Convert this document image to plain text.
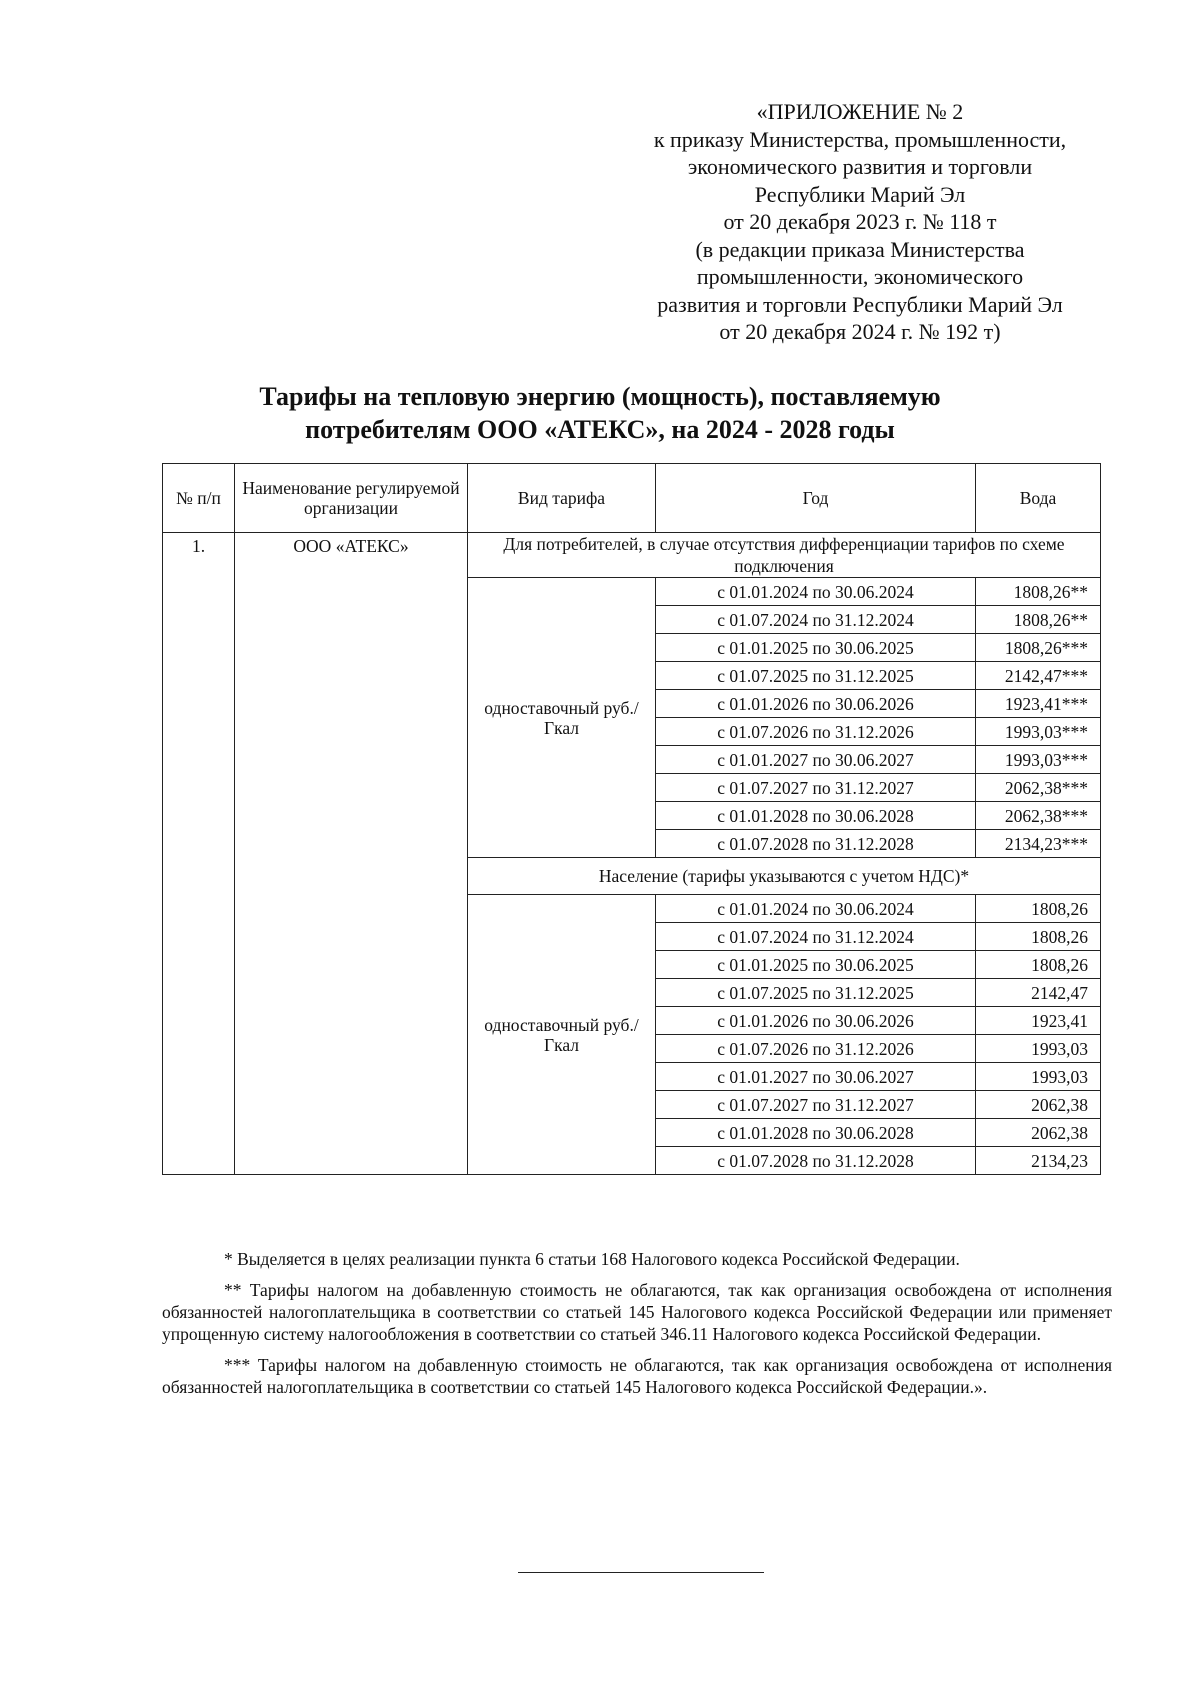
«ПРИЛОЖЕНИЕ № 2
к приказу Министерства, промышленности,
экономического развития и торговли
Республики Марий Эл
от 20 декабря 2023 г. № 118 т
(в редакции приказа Министерства
промышленности, экономического
развития и торговли Республики Марий Эл
от 20 декабря 2024 г. № 192 т)
Тарифы на тепловую энергию (мощность), поставляемую
потребителям ООО «АТЕКС», на 2024 - 2028 годы
№ п/п	Наименование регулируемой организации	Вид тарифа	Год	Вода
1.	ООО «АТЕКС»	Для потребителей, в случае отсутствия дифференциации тарифов по схеме подключения		
		одноставочный руб./Гкал	с 01.01.2024 по 30.06.2024	1808,26**
			с 01.07.2024 по 31.12.2024	1808,26**
			с 01.01.2025 по 30.06.2025	1808,26***
			с 01.07.2025 по 31.12.2025	2142,47***
			с 01.01.2026 по 30.06.2026	1923,41***
			с 01.07.2026 по 31.12.2026	1993,03***
			с 01.01.2027 по 30.06.2027	1993,03***
			с 01.07.2027 по 31.12.2027	2062,38***
			с 01.01.2028 по 30.06.2028	2062,38***
			с 01.07.2028 по 31.12.2028	2134,23***
		Население (тарифы указываются с учетом НДС)*		
		одноставочный руб./Гкал	с 01.01.2024 по 30.06.2024	1808,26
			с 01.07.2024 по 31.12.2024	1808,26
			с 01.01.2025 по 30.06.2025	1808,26
			с 01.07.2025 по 31.12.2025	2142,47
			с 01.01.2026 по 30.06.2026	1923,41
			с 01.07.2026 по 31.12.2026	1993,03
			с 01.01.2027 по 30.06.2027	1993,03
			с 01.07.2027 по 31.12.2027	2062,38
			с 01.01.2028 по 30.06.2028	2062,38
			с 01.07.2028 по 31.12.2028	2134,23

* Выделяется в целях реализации пункта 6 статьи 168 Налогового кодекса Российской Федерации.

** Тарифы налогом на добавленную стоимость не облагаются, так как организация освобождена от исполнения обязанностей налогоплательщика в соответствии со статьей 145 Налогового кодекса Российской Федерации или применяет упрощенную систему налогообложения в соответствии со статьей 346.11 Налогового кодекса Российской Федерации.

*** Тарифы налогом на добавленную стоимость не облагаются, так как организация освобождена от исполнения обязанностей налогоплательщика в соответствии со статьей 145 Налогового кодекса Российской Федерации.».
